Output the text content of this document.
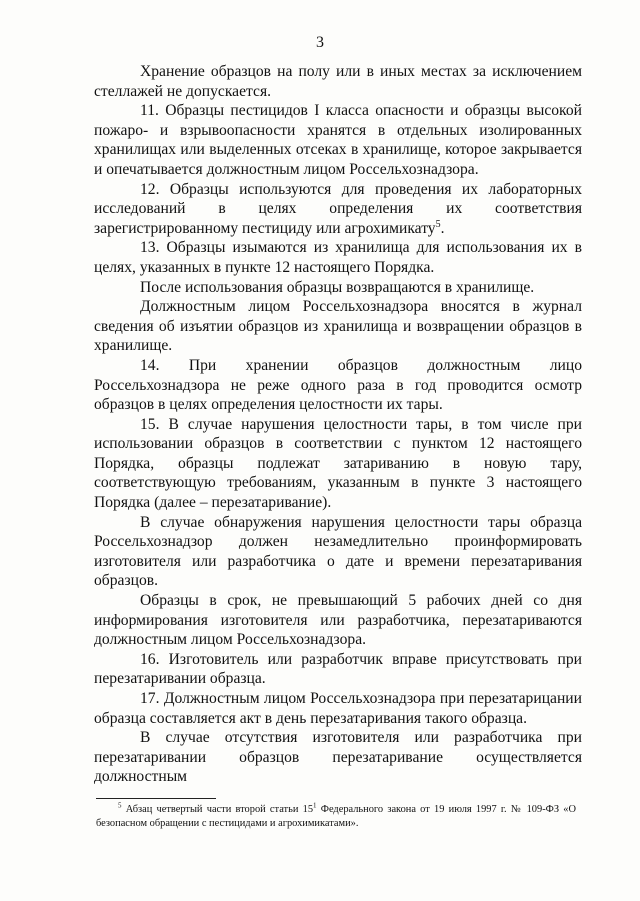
3

Хранение образцов на полу или в иных местах за исключением стеллажей не допускается.

11. Образцы пестицидов I класса опасности и образцы высокой пожаро- и взрывоопасности хранятся в отдельных изолированных хранилищах или выделенных отсеках в хранилище, которое закрывается и опечатывается должностным лицом Россельхознадзора.

12. Образцы используются для проведения их лабораторных исследований в целях определения их соответствия зарегистрированному пестициду или агрохимикату$^5$.

13. Образцы изымаются из хранилища для использования их в целях, указанных в пункте 12 настоящего Порядка.

После использования образцы возвращаются в хранилище.

Должностным лицом Россельхознадзора вносятся в журнал сведения об изъятии образцов из хранилища и возвращении образцов в хранилище.

14. При хранении образцов должностным лицо Россельхознадзора не реже одного раза в год проводится осмотр образцов в целях определения целостности их тары.

15. В случае нарушения целостности тары, в том числе при использовании образцов в соответствии с пунктом 12 настоящего Порядка, образцы подлежат затариванию в новую тару, соответствующую требованиям, указанным в пункте 3 настоящего Порядка (далее – перезатаривание).

В случае обнаружения нарушения целостности тары образца Россельхознадзор должен незамедлительно проинформировать изготовителя или разработчика о дате и времени перезатаривания образцов.

Образцы в срок, не превышающий 5 рабочих дней со дня информирования изготовителя или разработчика, перезатариваются должностным лицом Россельхознадзора.

16. Изготовитель или разработчик вправе присутствовать при перезатаривании образца.

17. Должностным лицом Россельхознадзора при перезатарицании образца составляется акт в день перезатаривания такого образца.

В случае отсутствия изготовителя или разработчика при перезатаривании образцов перезатаривание осуществляется должностным

$^5$ Абзац четвертый части второй статьи $15^1$ Федерального закона от 19 июля 1997 г. № 109-ФЗ «О безопасном обращении с пестицидами и агрохимикатами».
